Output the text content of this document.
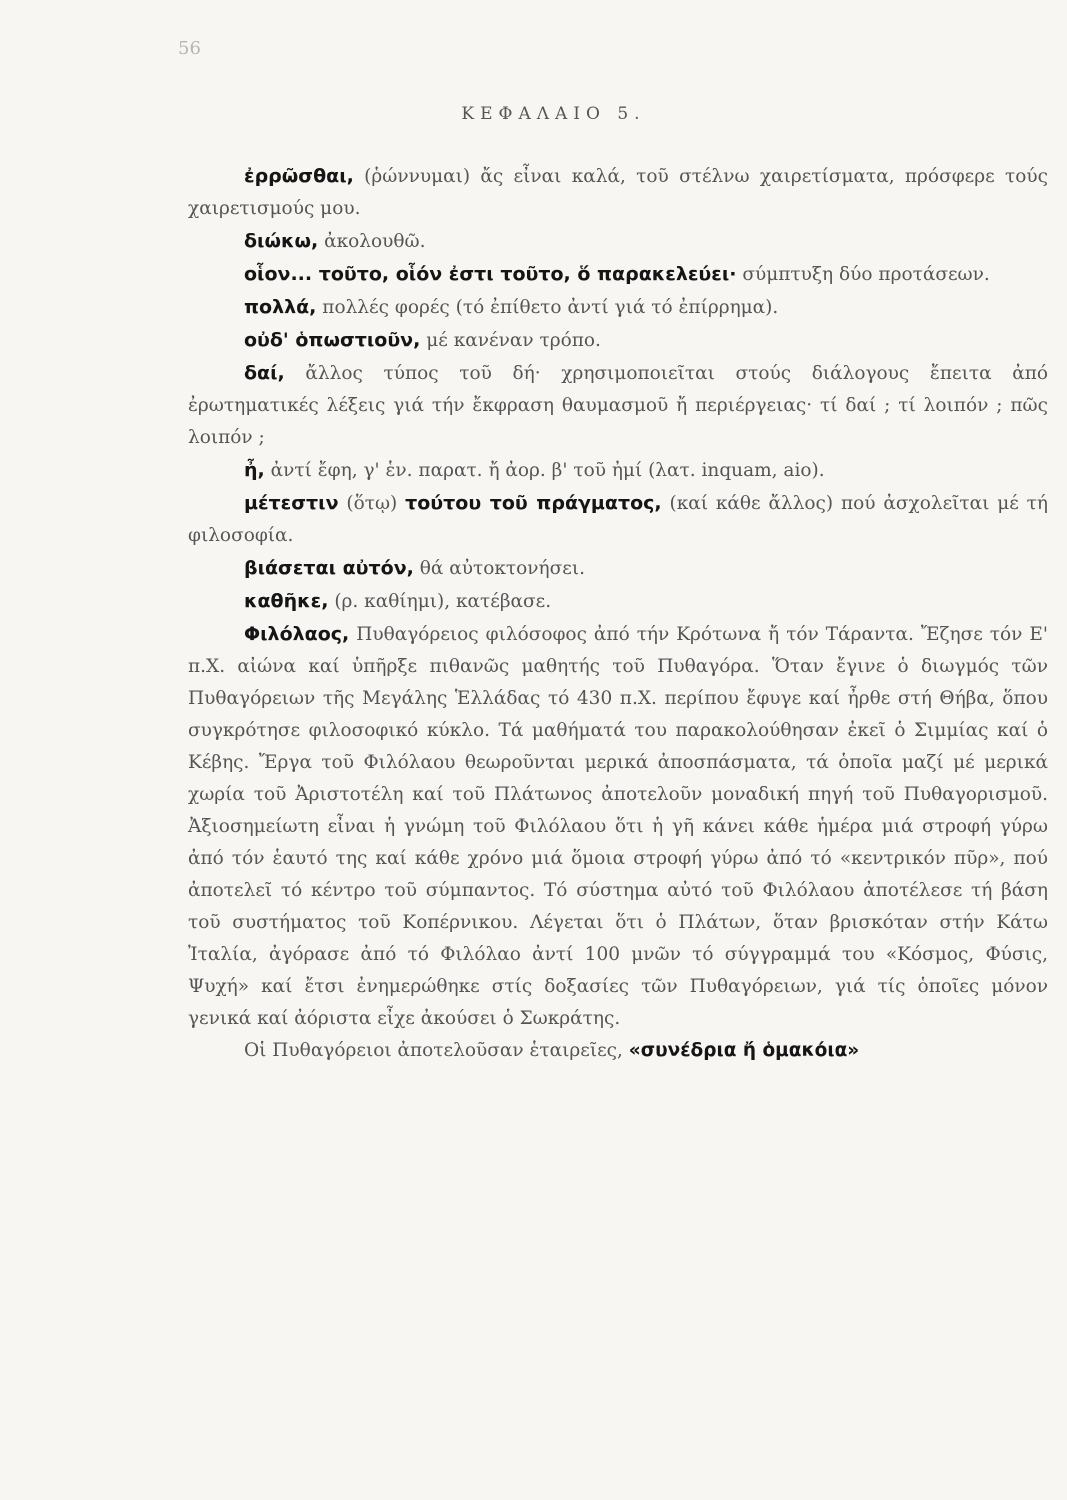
56
ΚΕΦΑΛΑΙΟ 5.

ἐρρῶσθαι, (ῥώννυμαι) ἄς εἶναι καλά, τοῦ στέλνω χαιρετίσματα, πρόσφερε τούς χαιρετισμούς μου.

διώκω, ἀκολουθῶ.

οἷον... τοῦτο, οἷόν ἐστι τοῦτο, ὅ παρακελεύει· σύμπτυξη δύο προτάσεων.

πολλά, πολλές φορές (τό ἐπίθετο ἀντί γιά τό ἐπίρρημα).

οὐδ' ὁπωστιοῦν, μέ κανέναν τρόπο.

δαί, ἄλλος τύπος τοῦ δή· χρησιμοποιεῖται στούς διάλογους ἔπειτα ἀπό ἐρωτηματικές λέξεις γιά τήν ἔκφραση θαυμασμοῦ ἤ περιέργειας· τί δαί ; τί λοιπόν ; πῶς λοιπόν ;

ἦ, ἀντί ἔφη, γ' ἑν. παρατ. ἤ ἀορ. β' τοῦ ἠμί (λατ. inquam, aio).

μέτεστιν (ὅτῳ) τούτου τοῦ πράγματος, (καί κάθε ἄλλος) πού ἀσχολεῖται μέ τή φιλοσοφία.

βιάσεται αὐτόν, θά αὐτοκτονήσει.

καθῆκε, (ρ. καθίημι), κατέβασε.

Φιλόλαος, Πυθαγόρειος φιλόσοφος ἀπό τήν Κρότωνα ἤ τόν Τάραντα. Ἔζησε τόν Ε' π.Χ. αἰώνα καί ὑπῆρξε πιθανῶς μαθητής τοῦ Πυθαγόρα. Ὅταν ἔγινε ὁ διωγμός τῶν Πυθαγόρειων τῆς Μεγάλης Ἑλλάδας τό 430 π.Χ. περίπου ἔφυγε καί ἦρθε στή Θήβα, ὅπου συγκρότησε φιλοσοφικό κύκλο. Τά μαθήματά του παρακολούθησαν ἐκεῖ ὁ Σιμμίας καί ὁ Κέβης. Ἔργα τοῦ Φιλόλαου θεωροῦνται μερικά ἀποσπάσματα, τά ὁποῖα μαζί μέ μερικά χωρία τοῦ Ἀριστοτέλη καί τοῦ Πλάτωνος ἀποτελοῦν μοναδική πηγή τοῦ Πυθαγορισμοῦ. Ἀξιοσημείωτη εἶναι ἡ γνώμη τοῦ Φιλόλαου ὅτι ἡ γῆ κάνει κάθε ἡμέρα μιά στροφή γύρω ἀπό τόν ἑαυτό της καί κάθε χρόνο μιά ὅμοια στροφή γύρω ἀπό τό «κεντρικόν πῦρ», πού ἀποτελεῖ τό κέντρο τοῦ σύμπαντος. Τό σύστημα αὐτό τοῦ Φιλόλαου ἀποτέλεσε τή βάση τοῦ συστήματος τοῦ Κοπέρνικου. Λέγεται ὅτι ὁ Πλάτων, ὅταν βρισκόταν στήν Κάτω Ἰταλία, ἀγόρασε ἀπό τό Φιλόλαο ἀντί 100 μνῶν τό σύγγραμμά του «Κόσμος, Φύσις, Ψυχή» καί ἔτσι ἐνημερώθηκε στίς δοξασίες τῶν Πυθαγόρειων, γιά τίς ὁποῖες μόνον γενικά καί ἀόριστα εἶχε ἀκούσει ὁ Σωκράτης.

Οἱ Πυθαγόρειοι ἀποτελοῦσαν ἑταιρεῖες, «συνέδρια ἤ ὁμακόια»
